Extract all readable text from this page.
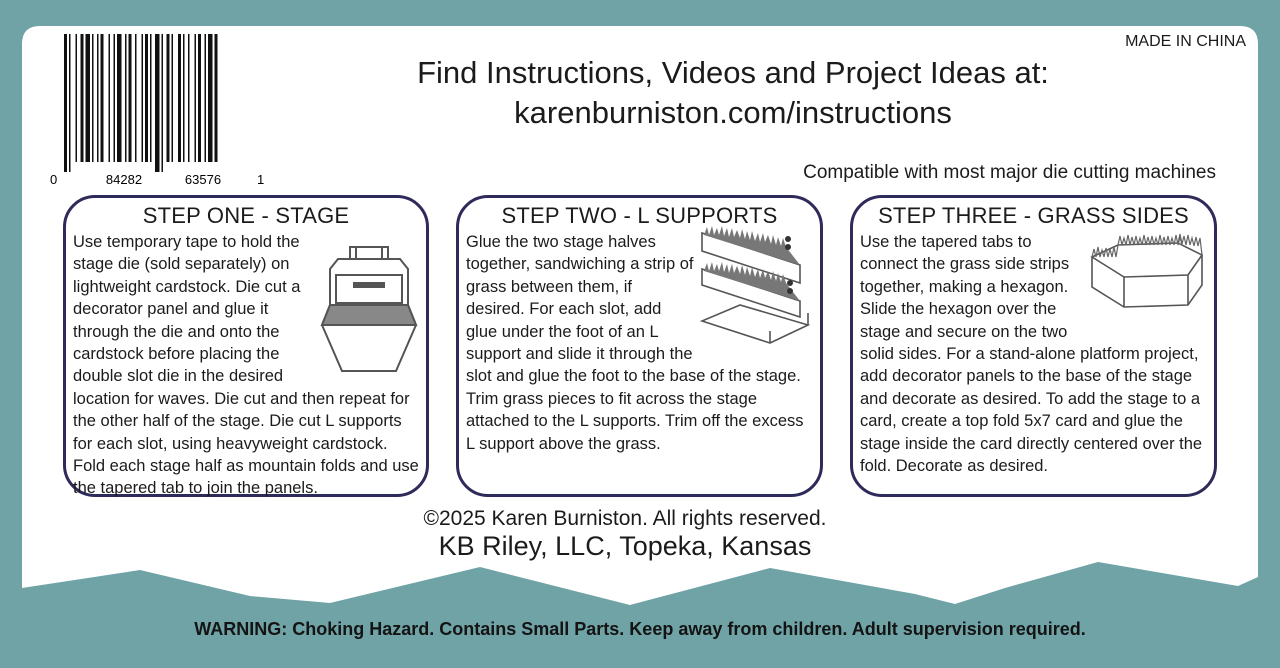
MADE IN CHINA
Find Instructions, Videos and Project Ideas at:
karenburniston.com/instructions
Compatible with most major die cutting machines
0	84282	63576	1
STEP ONE - STAGE
Use temporary tape to hold the stage die (sold separately) on lightweight cardstock. Die cut a decorator panel and glue it through the die and onto the cardstock before placing the double slot die in the desired location for waves. Die cut and then repeat for the other half of the stage. Die cut L supports for each slot, using heavyweight cardstock. Fold each stage half as mountain folds and use the tapered tab to join the panels.
STEP TWO - L SUPPORTS
Glue the two stage halves together, sandwiching a strip of grass between them, if desired. For each slot, add glue under the foot of an L support and slide it through the slot and glue the foot to the base of the stage. Trim grass pieces to fit across the stage attached to the L supports. Trim off the excess L support above the grass.
STEP THREE - GRASS SIDES
Use the tapered tabs to connect the grass side strips together, making a hexagon. Slide the hexagon over the stage and secure on the two solid sides. For a stand-alone platform project, add decorator panels to the base of the stage and decorate as desired. To add the stage to a card, create a top fold 5x7 card and glue the stage inside the card directly centered over the fold. Decorate as desired.
©2025 Karen Burniston. All rights reserved.
KB Riley, LLC, Topeka, Kansas
WARNING: Choking Hazard. Contains Small Parts. Keep away from children. Adult supervision required.
